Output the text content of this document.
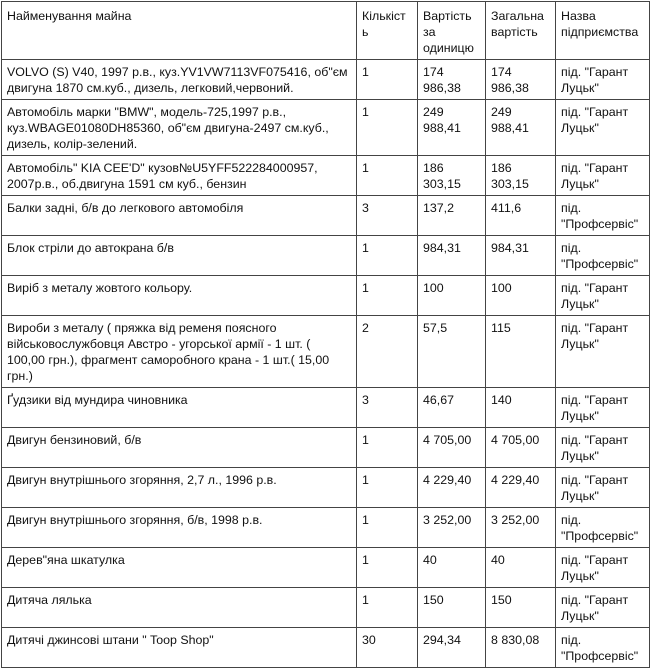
Найменування майна	Кількість	Вартість за одиницю	Загальна вартість	Назва підприємства
VOLVO (S) V40, 1997 р.в., куз.YV1VW7113VF075416, об"єм двигуна 1870 см.куб., дизель, легковий,червоний.	1	174 986,38	174 986,38	під. "Гарант Луцьк"
Автомобіль марки "BMW", модель-725,1997 р.в., куз.WBAGE01080DH85360, об"єм двигуна-2497 см.куб., дизель, колір-зелений.	1	249 988,41	249 988,41	під. "Гарант Луцьк"
Автомобіль" KIA CEE'D" кузов№U5YFF522284000957, 2007р.в., об.двигуна 1591 см куб., бензин	1	186 303,15	186 303,15	під. "Гарант Луцьк"
Балки задні, б/в до легкового автомобіля	3	137,2	411,6	під. "Профсервіс"
Блок стріли до автокрана б/в	1	984,31	984,31	під. "Профсервіс"
Виріб з металу жовтого кольору.	1	100	100	під. "Гарант Луцьк"
Вироби з металу ( пряжка від ременя поясного військовослужбовця Австро - угорської армії - 1 шт. ( 100,00 грн.), фрагмент саморобного крана - 1 шт.( 15,00 грн.)	2	57,5	115	під. "Гарант Луцьк"
Ґудзики від мундира чиновника	3	46,67	140	під. "Гарант Луцьк"
Двигун бензиновий, б/в	1	4 705,00	4 705,00	під. "Гарант Луцьк"
Двигун внутрішнього згоряння, 2,7 л., 1996 р.в.	1	4 229,40	4 229,40	під. "Гарант Луцьк"
Двигун внутрішнього згоряння, б/в, 1998 р.в.	1	3 252,00	3 252,00	під. "Профсервіс"
Дерев"яна шкатулка	1	40	40	під. "Гарант Луцьк"
Дитяча лялька	1	150	150	під. "Гарант Луцьк"
Дитячі джинсові штани " Toop Shop"	30	294,34	8 830,08	під. "Профсервіс"
